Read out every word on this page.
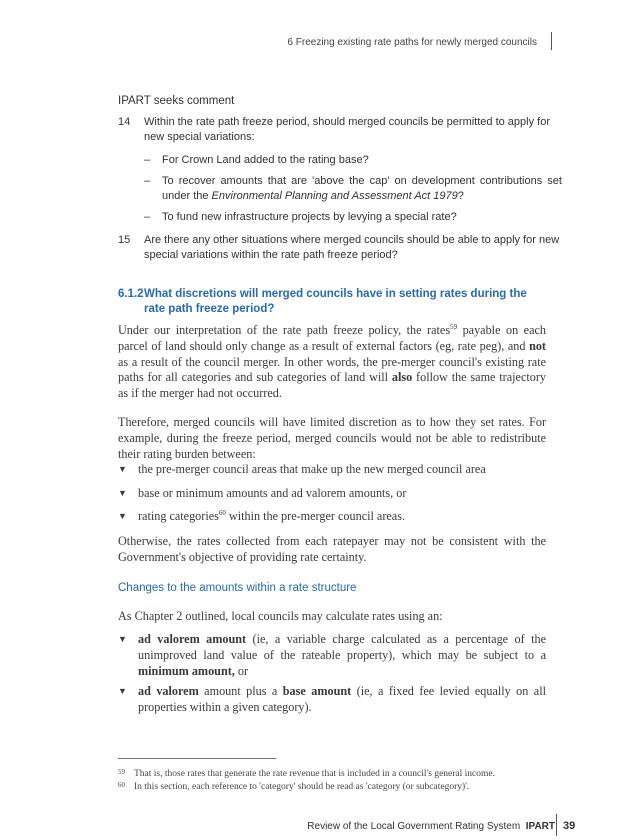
6 Freezing existing rate paths for newly merged councils
IPART seeks comment
14	Within the rate path freeze period, should merged councils be permitted to apply for new special variations:
– For Crown Land added to the rating base?
– To recover amounts that are 'above the cap' on development contributions set under the Environmental Planning and Assessment Act 1979?
– To fund new infrastructure projects by levying a special rate?
15	Are there any other situations where merged councils should be able to apply for new special variations within the rate path freeze period?
6.1.2 What discretions will merged councils have in setting rates during the rate path freeze period?
Under our interpretation of the rate path freeze policy, the rates$^{59}$ payable on each parcel of land should only change as a result of external factors (eg, rate peg), and not as a result of the council merger. In other words, the pre-merger council's existing rate paths for all categories and sub categories of land will also follow the same trajectory as if the merger had not occurred.
Therefore, merged councils will have limited discretion as to how they set rates. For example, during the freeze period, merged councils would not be able to redistribute their rating burden between:
▼ the pre-merger council areas that make up the new merged council area
▼ base or minimum amounts and ad valorem amounts, or
▼ rating categories$^{60}$ within the pre-merger council areas.
Otherwise, the rates collected from each ratepayer may not be consistent with the Government's objective of providing rate certainty.
Changes to the amounts within a rate structure
As Chapter 2 outlined, local councils may calculate rates using an:
▼ ad valorem amount (ie, a variable charge calculated as a percentage of the unimproved land value of the rateable property), which may be subject to a minimum amount, or
▼ ad valorem amount plus a base amount (ie, a fixed fee levied equally on all properties within a given category).
59 That is, those rates that generate the rate revenue that is included in a council's general income.
60 In this section, each reference to 'category' should be read as 'category (or subcategory)'.
Review of the Local Government Rating System IPART 39
